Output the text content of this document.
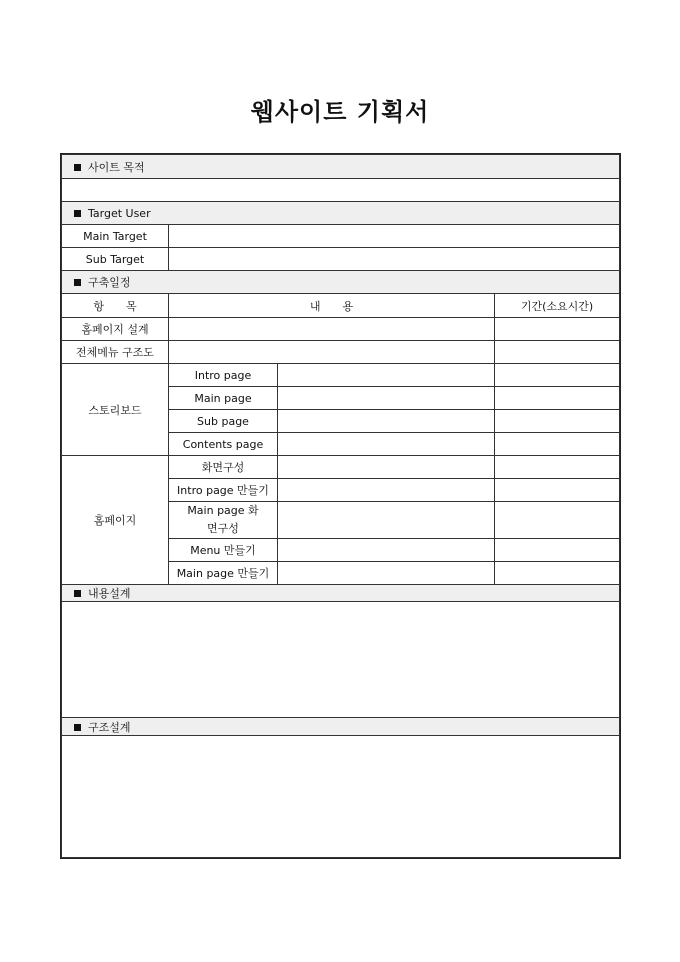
웹사이트 기획서
사이트 목적			

Target User			
Main Target			
Sub Target			
구축일정			
항　　목	내　　용		기간(소요시간)
홈페이지 설계			
전체메뉴 구조도			
스토리보드	Intro page		
	Main page		
	Sub page		
	Contents page		
홈페이지	화면구성		
	Intro page 만들기		
	Main page 화면구성		
	Menu 만들기		
	Main page 만들기		
내용설계			

구조설계			
